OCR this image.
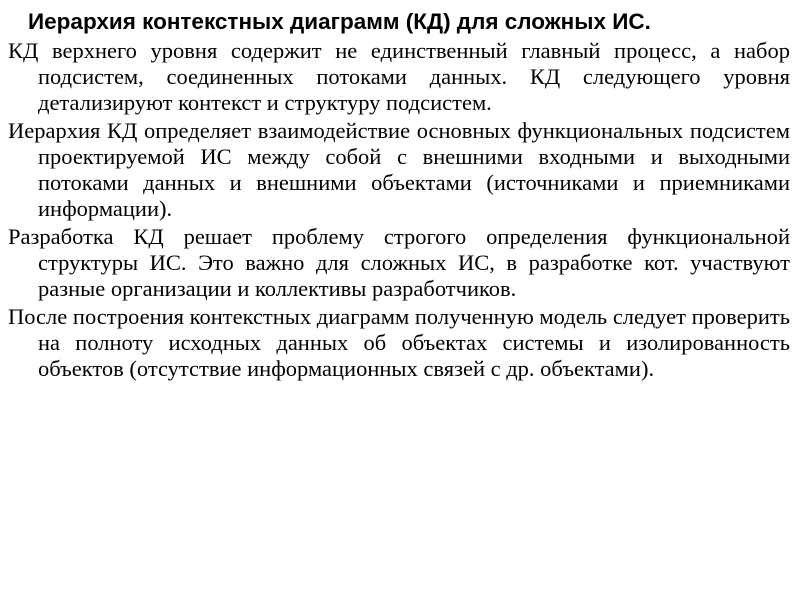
Иерархия контекстных диаграмм (КД) для сложных ИС.

КД верхнего уровня содержит не единственный главный процесс, а набор подсистем, соединенных потоками данных. КД следующего уровня детализируют контекст и структуру подсистем.

Иерархия КД определяет взаимодействие основных функциональных подсистем проектируемой ИС между собой с внешними входными и выходными потоками данных и внешними объектами (источниками и приемниками информации).

Разработка КД решает проблему строгого определения функциональной структуры ИС. Это важно для сложных ИС, в разработке кот. участвуют разные организации и коллективы разработчиков.

После построения контекстных диаграмм полученную модель следует проверить на полноту исходных данных об объектах системы и изолированность объектов (отсутствие информационных связей с др. объектами).
